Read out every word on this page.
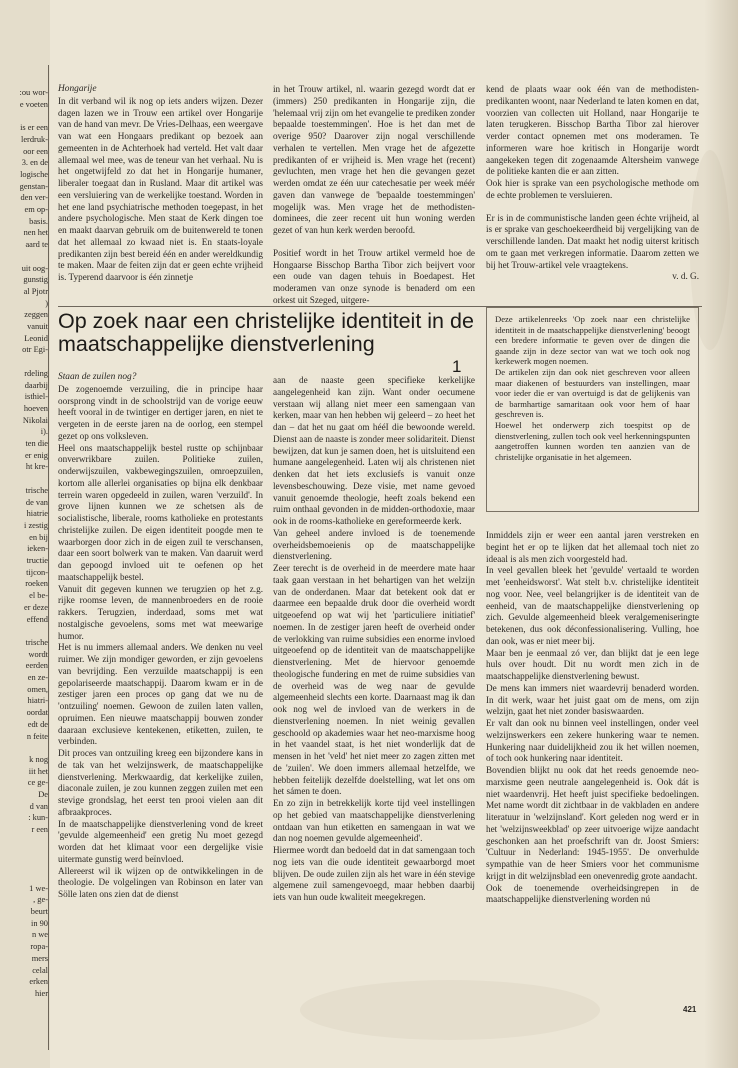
:ou wor-
e voeten
is er een
lerdruk-
oor een
3. en de
logische
genstan-
den ver-
em op-
basis.
nen het
aard te
uit oog-
gunstig
al Pjotr
)
zeggen
vanuit
Leonid
otr Egi-
rdeling
daarbij
isthiel-
hoeven
Nikolai
i).
ten die
er enig
ht kre-
trische
de van
hiatrie
i zestig
en bij
ieken-
tructie
tijcon-
roeken
el be-
er deze
effend
trische
wordt
eerden
en ze-
omen,
hiatri-
oordat
edt de
n feite
k nog
iit het
ce ge-
De
d van
: kun-
r een
1 we-
, ge-
beurt
in 90
n we
ropa-
mers
celal
erken
hier

Hongarije

In dit verband wil ik nog op iets anders wijzen. Dezer dagen lazen we in Trouw een artikel over Hongarije van de hand van mevr. De Vries-Delhaas, een weergave van wat een Hongaars predikant op bezoek aan gemeenten in de Achterhoek had verteld. Het valt daar allemaal wel mee, was de teneur van het verhaal. Nu is het ongetwijfeld zo dat het in Hongarije humaner, liberaler toegaat dan in Rusland. Maar dit artikel was een versluiering van de werkelijke toestand. Worden in het ene land psychiatrische methoden toegepast, in het andere psychologische. Men staat de Kerk dingen toe en maakt daarvan gebruik om de buitenwereld te tonen dat het allemaal zo kwaad niet is. En staats-loyale predikanten zijn best bereid één en ander wereldkundig te maken. Maar de feiten zijn dat er geen echte vrijheid is. Typerend daarvoor is één zinnetje

in het Trouw artikel, nl. waarin gezegd wordt dat er (immers) 250 predikanten in Hongarije zijn, die 'helemaal vrij zijn om het evangelie te prediken zonder bepaalde toestemmingen'. Hoe is het dan met de overige 950? Daarover zijn nogal verschillende verhalen te vertellen. Men vrage het de afgezette predikanten of er vrijheid is. Men vrage het (recent) gevluchten, men vrage het hen die gevangen gezet werden omdat ze één uur catechesatie per week méér gaven dan vanwege de 'bepaalde toestemmingen' mogelijk was. Men vrage het de methodisten-dominees, die zeer recent uit hun woning werden gezet of van hun kerk werden beroofd.

Positief wordt in het Trouw artikel vermeld hoe de Hongaarse Bisschop Bartha Tibor zich beijvert voor een oude van dagen tehuis in Boedapest. Het moderamen van onze synode is benaderd om een orkest uit Szeged, uitgere-

kend de plaats waar ook één van de methodisten-predikanten woont, naar Nederland te laten komen en dat, voorzien van collecten uit Holland, naar Hongarije te laten terugkeren. Bisschop Bartha Tibor zal hierover verder contact opnemen met ons moderamen. Te informeren ware hoe kritisch in Hongarije wordt aangekeken tegen dit zogenaamde Altersheim vanwege de politieke kanten die er aan zitten.

Ook hier is sprake van een psychologische methode om de echte problemen te versluieren.

Er is in de communistische landen geen échte vrijheid, al is er sprake van geschoekeerdheid bij vergelijking van de verschillende landen. Dat maakt het nodig uiterst kritisch om te gaan met verkregen informatie. Daarom zetten we bij het Trouw-artikel vele vraagtekens.

v. d. G.

Op zoek naar een christelijke identiteit in de maatschappelijke dienstverlening
1

Deze artikelenreeks 'Op zoek naar een christelijke identiteit in de maatschappelijke dienstverlening' beoogt een bredere informatie te geven over de dingen die gaande zijn in deze sector van wat we toch ook nog kerkewerk mogen noemen.

De artikelen zijn dan ook niet geschreven voor alleen maar diakenen of bestuurders van instellingen, maar voor ieder die er van overtuigd is dat de gelijkenis van de barmhartige samaritaan ook voor hem of haar geschreven is.

Hoewel het onderwerp zich toespitst op de dienstverlening, zullen toch ook veel herkenningspunten aangetroffen kunnen worden ten aanzien van de christelijke organisatie in het algemeen.

Staan de zuilen nog?

De zogenoemde verzuiling, die in principe haar oorsprong vindt in de schoolstrijd van de vorige eeuw heeft vooral in de twintiger en dertiger jaren, en niet te vergeten in de eerste jaren na de oorlog, een stempel gezet op ons volksleven.

Heel ons maatschappelijk bestel rustte op schijnbaar onverwrikbare zuilen. Politieke zuilen, onderwijszuilen, vakbewegingszuilen, omroepzuilen, kortom alle allerlei organisaties op bijna elk denkbaar terrein waren opgedeeld in zuilen, waren 'verzuild'. In grove lijnen kunnen we ze schetsen als de socialistische, liberale, rooms katholieke en protestants christelijke zuilen. De eigen identiteit poogde men te waarborgen door zich in de eigen zuil te verschansen, daar een soort bolwerk van te maken. Van daaruit werd dan gepoogd invloed uit te oefenen op het maatschappelijk bestel.

Vanuit dit gegeven kunnen we terugzien op het z.g. rijke roomse leven, de mannenbroeders en de rooie rakkers. Terugzien, inderdaad, soms met wat nostalgische gevoelens, soms met wat meewarige humor.

Het is nu immers allemaal anders. We denken nu veel ruimer. We zijn mondiger geworden, er zijn gevoelens van bevrijding. Een verzuilde maatschappij is een gepolariseerde maatschappij. Daarom kwam er in de zestiger jaren een proces op gang dat we nu de 'ontzuiling' noemen. Gewoon de zuilen laten vallen, opruimen. Een nieuwe maatschappij bouwen zonder daaraan exclusieve kentekenen, etiketten, zuilen, te verbinden.

Dit proces van ontzuiling kreeg een bijzondere kans in de tak van het welzijnswerk, de maatschappelijke dienstverlening. Merkwaardig, dat kerkelijke zuilen, diaconale zuilen, je zou kunnen zeggen zuilen met een stevige grondslag, het eerst ten prooi vielen aan dit afbraakproces.

In de maatschappelijke dienstverlening vond de kreet 'gevulde algemeenheid' een gretig Nu moet gezegd worden dat het klimaat voor een dergelijke visie uitermate gunstig werd beïnvloed.

Allereerst wil ik wijzen op de ontwikkelingen in de theologie. De volgelingen van Robinson en later van Sölle laten ons zien dat de dienst

aan de naaste geen specifieke kerkelijke aangelegenheid kan zijn. Want onder oecumene verstaan wij allang niet meer een samengaan van kerken, maar van hen hebben wij geleerd – zo heet het dan – dat het nu gaat om hééI die bewoonde wereld. Dienst aan de naaste is zonder meer solidariteit. Dienst bewijzen, dat kun je samen doen, het is uitsluitend een humane aangelegenheid. Laten wij als christenen niet denken dat het iets exclusiefs is vanuit onze levensbeschouwing. Deze visie, met name gevoed vanuit genoemde theologie, heeft zoals bekend een ruim onthaal gevonden in de midden-orthodoxie, maar ook in de rooms-katholieke en gereformeerde kerk.

Van geheel andere invloed is de toenemende overheidsbemoeienis op de maatschappelijke dienstverlening.

Zeer terecht is de overheid in de meerdere mate haar taak gaan verstaan in het behartigen van het welzijn van de onderdanen. Maar dat betekent ook dat er daarmee een bepaalde druk door die overheid wordt uitgeoefend op wat wij het 'particuliere initiatief' noemen. In de zestiger jaren heeft de overheid onder de verlokking van ruime subsidies een enorme invloed uitgeoefend op de identiteit van de maatschappelijke dienstverlening. Met de hiervoor genoemde theologische fundering en met de ruime subsidies van de overheid was de weg naar de gevulde algemeenheid slechts een korte. Daarnaast mag ik dan ook nog wel de invloed van de werkers in de dienstverlening noemen. In niet weinig gevallen geschoold op akademies waar het neo-marxisme hoog in het vaandel staat, is het niet wonderlijk dat de mensen in het 'veld' het niet meer zo zagen zitten met de 'zuilen'. We doen immers allemaal hetzelfde, we hebben feitelijk dezelfde doelstelling, wat let ons om het sámen te doen.

En zo zijn in betrekkelijk korte tijd veel instellingen op het gebied van maatschappelijke dienstverlening ontdaan van hun etiketten en samengaan in wat we dan nog noemen gevulde algemeenheid'.

Hiermee wordt dan bedoeld dat in dat samengaan toch nog iets van die oude identiteit gewaarborgd moet blijven. De oude zuilen zijn als het ware in één stevige algemene zuil samengevoegd, maar hebben daarbij iets van hun oude kwaliteit meegekregen.

Inmiddels zijn er weer een aantal jaren verstreken en begint het er op te lijken dat het allemaal toch niet zo ideaal is als men zich voorgesteld had.

In veel gevallen bleek het 'gevulde' vertaald te worden met 'eenheidsworst'. Wat stelt b.v. christelijke identiteit nog voor. Nee, veel belangrijker is de identiteit van de eenheid, van de maatschappelijke dienstverlening op zich. Gevulde algemeenheid bleek veralgemeniseringte betekenen, dus ook déconfessionalisering. Vulling, hoe dan ook, was er niet meer bij.

Maar ben je eenmaal zó ver, dan blijkt dat je een lege huls over houdt. Dit nu wordt men zich in de maatschappelijke dienstverlening bewust.

De mens kan immers niet waardevrij benaderd worden. In dit werk, waar het juist gaat om de mens, om zijn welzijn, gaat het niet zonder basiswaarden.

Er valt dan ook nu binnen veel instellingen, onder veel welzijnswerkers een zekere hunkering waar te nemen. Hunkering naar duidelijkheid zou ik het willen noemen, of toch ook hunkering naar identiteit.

Bovendien blijkt nu ook dat het reeds genoemde neo-marxisme geen neutrale aangelegenheid is. Ook dát is niet waardenvrij. Het heeft juist specifieke bedoelingen. Met name wordt dit zichtbaar in de vakbladen en andere literatuur in 'welzijnsland'. Kort geleden nog werd er in het 'welzijnsweekblad' op zeer uitvoerige wijze aandacht geschonken aan het proefschrift van dr. Joost Smiers: 'Cultuur in Nederland: 1945-1955'. De onverhulde sympathie van de heer Smiers voor het communisme krijgt in dit welzijnsblad een onevenredig grote aandacht.

Ook de toenemende overheidsingrepen in de maatschappelijke dienstverlening worden nú

421
